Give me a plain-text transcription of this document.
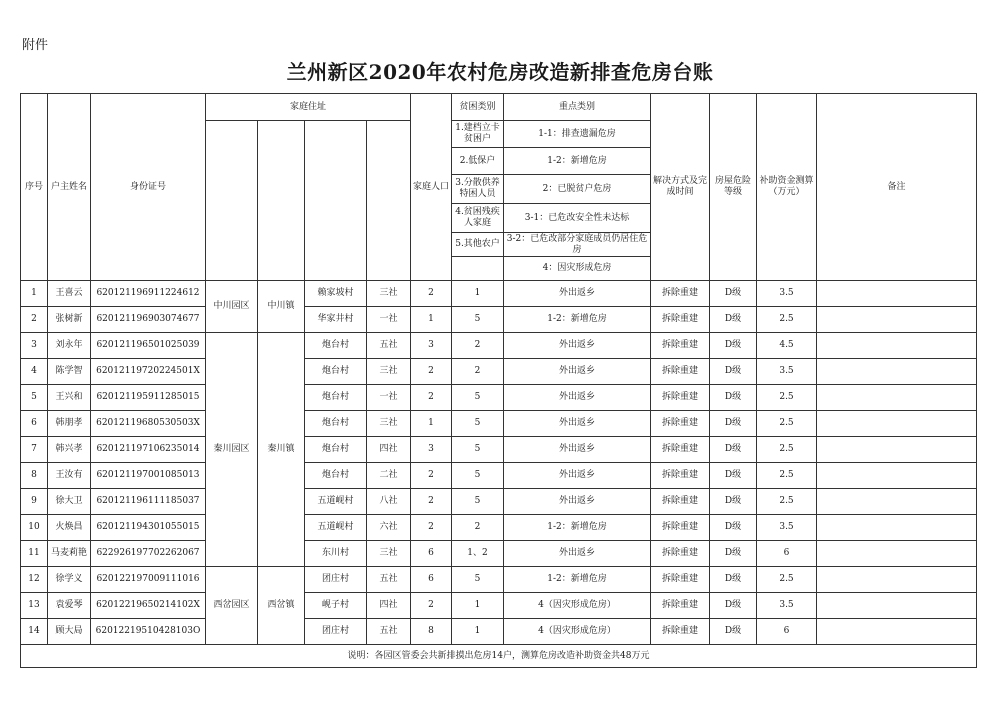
附件
兰州新区2020年农村危房改造新排查危房台账
序号	户主姓名	身份证号	家庭住址				家庭人口	贫困类别	重点类别	解决方式及完成时间	房屋危险等级	补助资金测算（万元）	备注
								1.建档立卡贫困户	1-1：排查遗漏危房				
								2.低保户	1-2：新增危房				
								3.分散供养特困人员	2：已脱贫户危房				
								4.贫困残疾人家庭	3-1：已危改安全性未达标				
								5.其他农户	3-2：已危改部分家庭成员仍居住危房				
									4：因灾形成危房				
1	王喜云	620121196911224612	中川园区	中川镇	赖家坡村	三社	2	1	外出返乡	拆除重建	D级	3.5	
2	张树新	620121196903074677			华家井村	一社	1	5	1-2：新增危房	拆除重建	D级	2.5	
3	刘永年	620121196501025039	秦川园区	秦川镇	炮台村	五社	3	2	外出返乡	拆除重建	D级	4.5	
4	陈学智	62012119720224501X			炮台村	三社	2	2	外出返乡	拆除重建	D级	3.5	
5	王兴和	620121195911285015			炮台村	一社	2	5	外出返乡	拆除重建	D级	2.5	
6	韩朋孝	62012119680530503X			炮台村	三社	1	5	外出返乡	拆除重建	D级	2.5	
7	韩兴孝	620121197106235014			炮台村	四社	3	5	外出返乡	拆除重建	D级	2.5	
8	王汝有	620121197001085013			炮台村	二社	2	5	外出返乡	拆除重建	D级	2.5	
9	徐大卫	620121196111185037			五道岘村	八社	2	5	外出返乡	拆除重建	D级	2.5	
10	火焕昌	620121194301055015			五道岘村	六社	2	2	1-2：新增危房	拆除重建	D级	3.5	
11	马麦莉艳	622926197702262067			东川村	三社	6	1、2	外出返乡	拆除重建	D级	6	
12	徐学义	620122197009111016	西岔园区	西岔镇	团庄村	五社	6	5	1-2：新增危房	拆除重建	D级	2.5	
13	袁爱琴	62012219650214102X			岘子村	四社	2	1	4（因灾形成危房）	拆除重建	D级	3.5	
14	顾大局	62012219510428103O			团庄村	五社	8	1	4（因灾形成危房）	拆除重建	D级	6	
说明：各园区管委会共新排摸出危房14户，测算危房改造补助资金共48万元													
